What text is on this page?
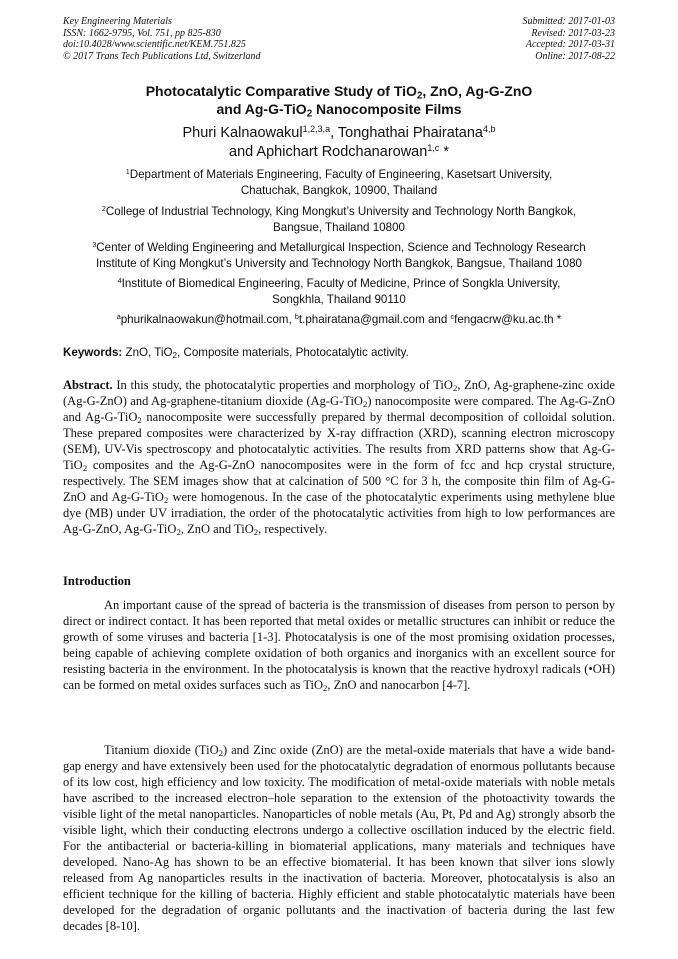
Key Engineering Materials
ISSN: 1662-9795, Vol. 751, pp 825-830
doi:10.4028/www.scientific.net/KEM.751.825
© 2017 Trans Tech Publications Ltd, Switzerland
Submitted: 2017-01-03
Revised: 2017-03-23
Accepted: 2017-03-31
Online: 2017-08-22
Photocatalytic Comparative Study of TiO$_2$, ZnO, Ag-G-ZnO
and Ag-G-TiO$_2$ Nanocomposite Films
Phuri Kalnaowakul$^{1,2,3,a}$, Tonghathai Phairatana$^{4,b}$
and Aphichart Rodchanarowan$^{1,c}$ *
$^1$Department of Materials Engineering, Faculty of Engineering, Kasetsart University,
Chatuchak, Bangkok, 10900, Thailand
$^2$College of Industrial Technology, King Mongkut’s University and Technology North Bangkok,
Bangsue, Thailand 10800
$^3$Center of Welding Engineering and Metallurgical Inspection, Science and Technology Research
Institute of King Mongkut’s University and Technology North Bangkok, Bangsue, Thailand 1080
$^4$Institute of Biomedical Engineering, Faculty of Medicine, Prince of Songkla University,
Songkhla, Thailand 90110
$^a$phurikalnaowakun@hotmail.com, $^b$t.phairatana@gmail.com and $^c$fengacrw@ku.ac.th *
Keywords: ZnO, TiO$_2$, Composite materials, Photocatalytic activity.

Abstract. In this study, the photocatalytic properties and morphology of TiO$_2$, ZnO, Ag-graphene-zinc oxide (Ag-G-ZnO) and Ag-graphene-titanium dioxide (Ag-G-TiO$_2$) nanocomposite were compared. The Ag-G-ZnO and Ag-G-TiO$_2$ nanocomposite were successfully prepared by thermal decomposition of colloidal solution. These prepared composites were characterized by X-ray diffraction (XRD), scanning electron microscopy (SEM), UV-Vis spectroscopy and photocatalytic activities. The results from XRD patterns show that Ag-G-TiO$_2$ composites and the Ag-G-ZnO nanocomposites were in the form of fcc and hcp crystal structure, respectively. The SEM images show that at calcination of 500 °C for 3 h, the composite thin film of Ag-G-ZnO and Ag-G-TiO$_2$ were homogenous. In the case of the photocatalytic experiments using methylene blue dye (MB) under UV irradiation, the order of the photocatalytic activities from high to low performances are Ag-G-ZnO, Ag-G-TiO$_2$, ZnO and TiO$_2$, respectively.

Introduction

An important cause of the spread of bacteria is the transmission of diseases from person to person by direct or indirect contact. It has been reported that metal oxides or metallic structures can inhibit or reduce the growth of some viruses and bacteria [1-3]. Photocatalysis is one of the most promising oxidation processes, being capable of achieving complete oxidation of both organics and inorganics with an excellent source for resisting bacteria in the environment. In the photocatalysis is known that the reactive hydroxyl radicals (•OH) can be formed on metal oxides surfaces such as TiO$_2$, ZnO and nanocarbon [4-7].

Titanium dioxide (TiO$_2$) and Zinc oxide (ZnO) are the metal-oxide materials that have a wide band-gap energy and have extensively been used for the photocatalytic degradation of enormous pollutants because of its low cost, high efficiency and low toxicity. The modification of metal-oxide materials with noble metals have ascribed to the increased electron–hole separation to the extension of the photoactivity towards the visible light of the metal nanoparticles. Nanoparticles of noble metals (Au, Pt, Pd and Ag) strongly absorb the visible light, which their conducting electrons undergo a collective oscillation induced by the electric field. For the antibacterial or bacteria-killing in biomaterial applications, many materials and techniques have developed. Nano-Ag has shown to be an effective biomaterial. It has been known that silver ions slowly released from Ag nanoparticles results in the inactivation of bacteria. Moreover, photocatalysis is also an efficient technique for the killing of bacteria. Highly efficient and stable photocatalytic materials have been developed for the degradation of organic pollutants and the inactivation of bacteria during the last few decades [8-10].
